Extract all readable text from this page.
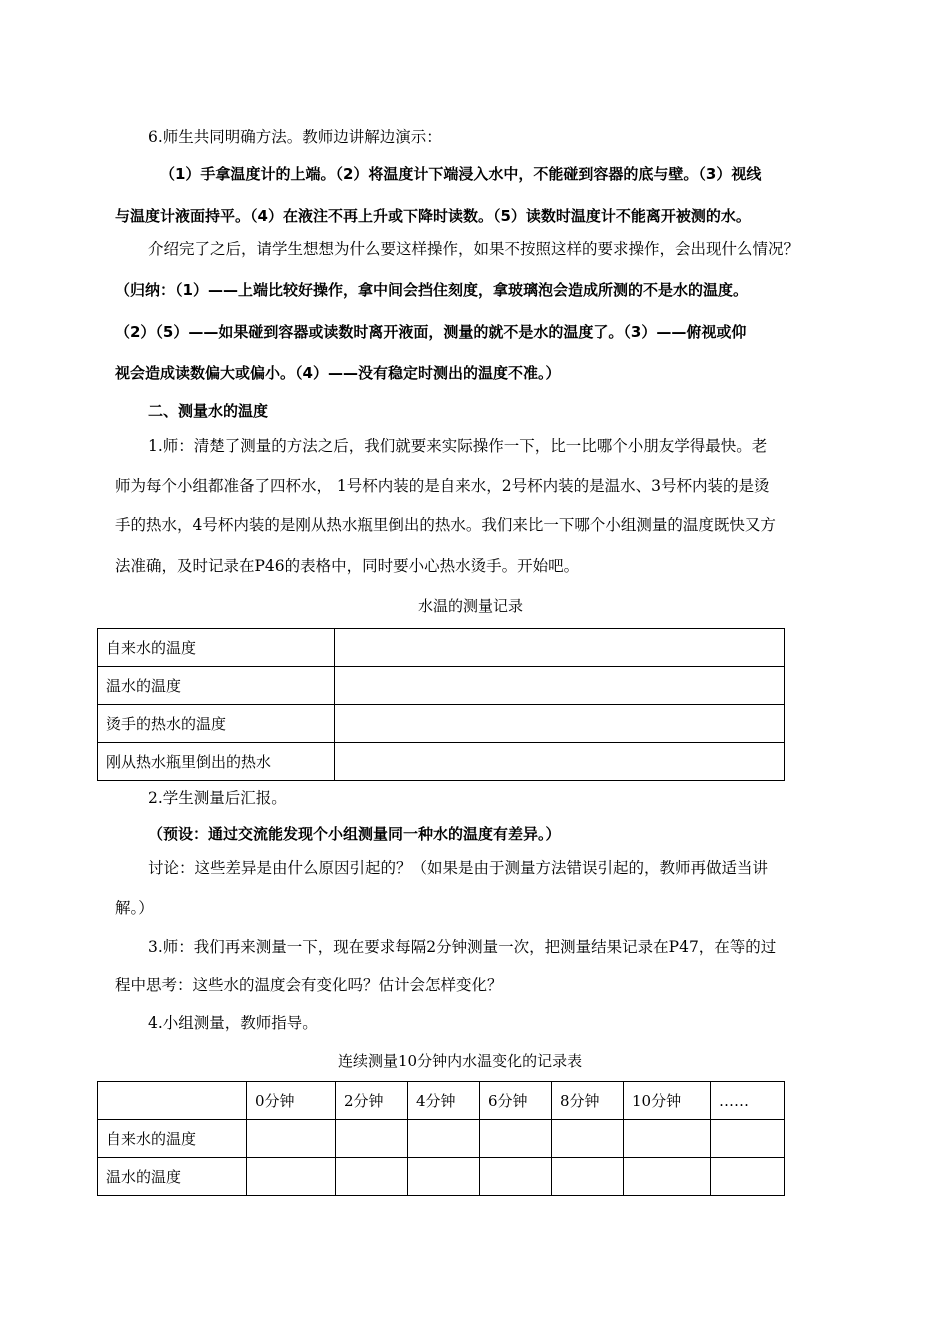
6.师生共同明确方法。教师边讲解边演示：
（1）手拿温度计的上端。（2）将温度计下端浸入水中，不能碰到容器的底与壁。（3）视线
与温度计液面持平。（4）在液注不再上升或下降时读数。（5）读数时温度计不能离开被测的水。
介绍完了之后，请学生想想为什么要这样操作，如果不按照这样的要求操作，会出现什么情况？
（归纳：（1）——上端比较好操作，拿中间会挡住刻度，拿玻璃泡会造成所测的不是水的温度。
（2）（5）——如果碰到容器或读数时离开液面，测量的就不是水的温度了。（3）——俯视或仰
视会造成读数偏大或偏小。（4）——没有稳定时测出的温度不准。）
二、测量水的温度
1.师：清楚了测量的方法之后，我们就要来实际操作一下，比一比哪个小朋友学得最快。老
师为每个小组都准备了四杯水， 1号杯内装的是自来水，2号杯内装的是温水、3号杯内装的是烫
手的热水，4号杯内装的是刚从热水瓶里倒出的热水。我们来比一下哪个小组测量的温度既快又方
法准确，及时记录在P46的表格中，同时要小心热水烫手。开始吧。
水温的测量记录
自来水的温度	
温水的温度	
烫手的热水的温度	
刚从热水瓶里倒出的热水	
2.学生测量后汇报。
（预设：通过交流能发现个小组测量同一种水的温度有差异。）
讨论：这些差异是由什么原因引起的？（如果是由于测量方法错误引起的，教师再做适当讲
解。）
3.师：我们再来测量一下，现在要求每隔2分钟测量一次，把测量结果记录在P47，在等的过
程中思考：这些水的温度会有变化吗？估计会怎样变化？
4.小组测量，教师指导。
连续测量10分钟内水温变化的记录表
	0分钟	2分钟	4分钟	6分钟	8分钟	10分钟	……
自来水的温度							
温水的温度							
